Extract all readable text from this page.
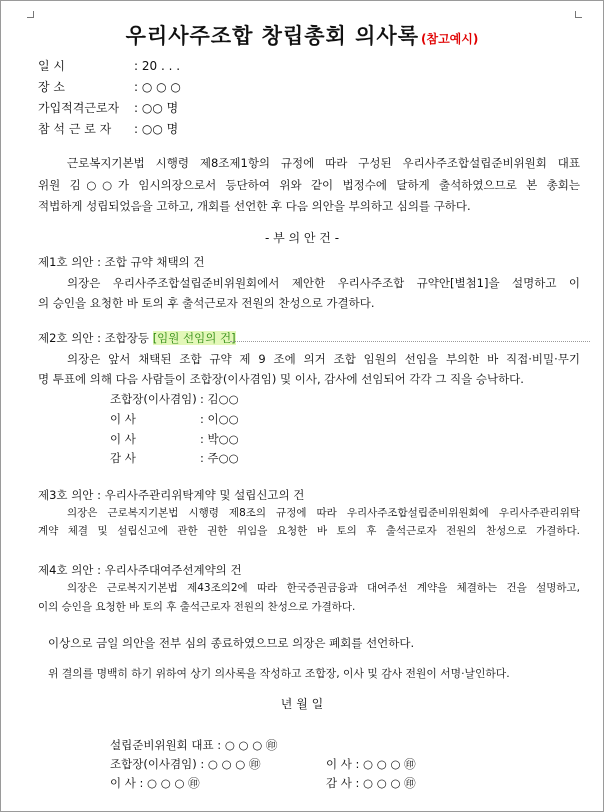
우리사주조합 창립총회 의사록 (참고예시)
일 시	: 20 . . .
장 소	: ○ ○ ○
가입적격근로자 : ○○ 명
참 석 근 로 자 : ○○ 명
근로복지기본법 시행령 제8조제1항의 규정에 따라 구성된 우리사주조합설립준비위원회 대표
위원 김○○가 임시의장으로서 등단하여 위와 같이 법정수에 달하게 출석하였으므로 본 총회는
적법하게 성립되었음을 고하고, 개회를 선언한 후 다음 의안을 부의하고 심의를 구하다.
- 부 의 안 건 -
제1호 의안 : 조합 규약 채택의 건
의장은 우리사주조합설립준비위원회에서 제안한 우리사주조합 규약안[별첨1]을 설명하고 이
의 승인을 요청한 바 토의 후 출석근로자 전원의 찬성으로 가결하다.
제2호 의안 : 조합장등 [임원 선임의 건]
의장은 앞서 채택된 조합 규약 제 9 조에 의거 조합 임원의 선임을 부의한 바 직접·비밀·무기
명 투표에 의해 다음 사람들이 조합장(이사겸임) 및 이사, 감사에 선임되어 각각 그 직을 승낙하다.
조합장(이사겸임) : 김○○
이 사	: 이○○
이 사	: 박○○
감 사	: 주○○
제3호 의안 : 우리사주관리위탁계약 및 설립신고의 건
의장은 근로복지기본법 시행령 제8조의 규정에 따라 우리사주조합설립준비위원회에 우리사주관리위탁
계약 체결 및 설립신고에 관한 권한 위임을 요청한 바 토의 후 출석근로자 전원의 찬성으로 가결하다.
제4호 의안 : 우리사주대여주선계약의 건
의장은 근로복지기본법 제43조의2에 따라 한국증권금융과 대여주선 계약을 체결하는 건을 설명하고,
이의 승인을 요청한 바 토의 후 출석근로자 전원의 찬성으로 가결하다.
이상으로 금일 의안을 전부 심의 종료하였으므로 의장은 폐회를 선언하다.
위 결의를 명백히 하기 위하여 상기 의사록을 작성하고 조합장, 이사 및 감사 전원이 서명·날인하다.
년 월 일
설립준비위원회 대표 : ○ ○ ○ ㊞
조합장(이사겸임) : ○ ○ ○ ㊞	이 사 : ○ ○ ○ ㊞
이 사 : ○ ○ ○ ㊞	감 사 : ○ ○ ○ ㊞
